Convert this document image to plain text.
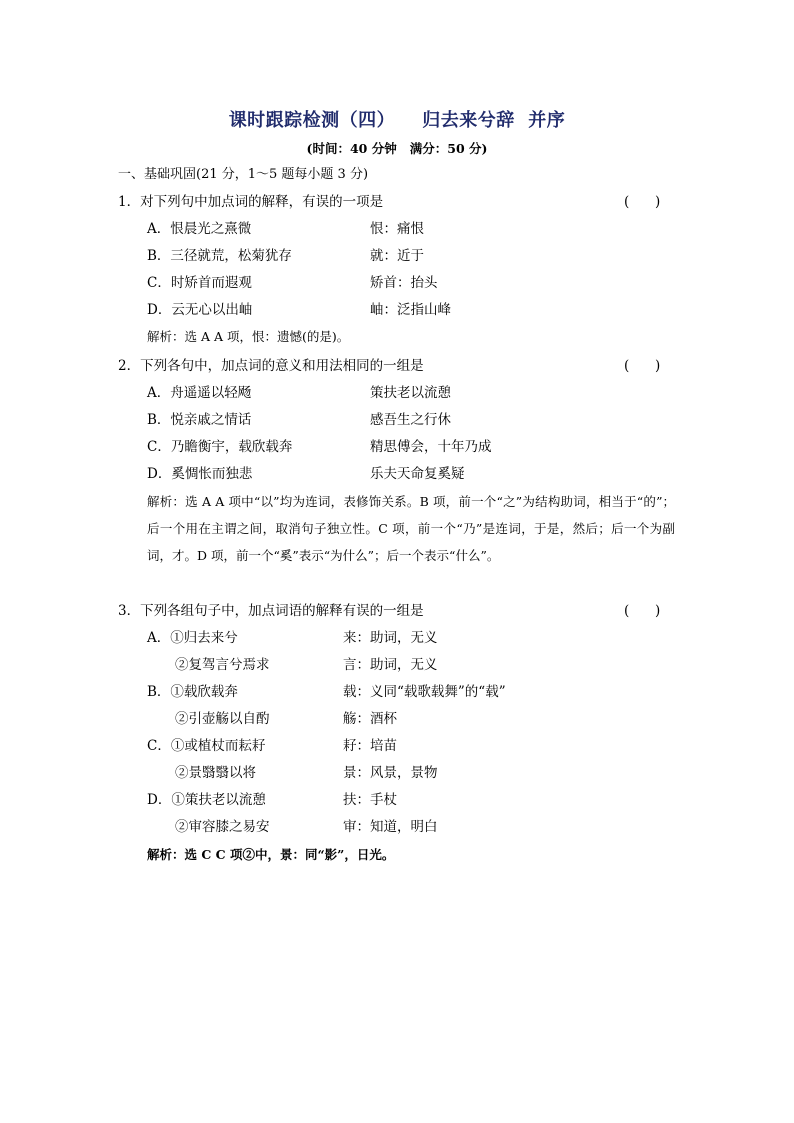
课时跟踪检测（四）    归去来兮辞  并序
(时间：40 分钟   满分：50 分)
一、基础巩固(21 分，1～5 题每小题 3 分)
1．对下列句中加点词的解释，有误的一项是	(      )
A．恨晨光之熹微	恨：痛恨
B．三径就荒，松菊犹存	就：近于
C．时矫首而遐观	矫首：抬头
D．云无心以出岫	岫：泛指山峰
解析：选 A A 项，恨：遗憾(的是)。
2．下列各句中，加点词的意义和用法相同的一组是	(      )
A．舟遥遥以轻飏	策扶老以流憩
B．悦亲戚之情话	感吾生之行休
C．乃瞻衡宇，载欣载奔	精思傅会，十年乃成
D．奚惆怅而独悲	乐夫天命复奚疑
解析：选 A A 项中“以”均为连词，表修饰关系。B 项，前一个“之”为结构助词，相当于“的”；后一个用在主谓之间，取消句子独立性。C 项，前一个“乃”是连词，于是，然后；后一个为副词，才。D 项，前一个“奚”表示“为什么”；后一个表示“什么”。
3．下列各组句子中，加点词语的解释有误的一组是	(      )
A．①归去来兮	来：助词，无义
②复驾言兮焉求	言：助词，无义
B．①载欣载奔	载：义同“载歌载舞”的“载”
②引壶觞以自酌	觞：酒杯
C．①或植杖而耘耔	耔：培苗
②景翳翳以将	景：风景，景物
D．①策扶老以流憩	扶：手杖
②审容膝之易安	审：知道，明白
解析：选 C C 项②中，景：同“影”，日光。
